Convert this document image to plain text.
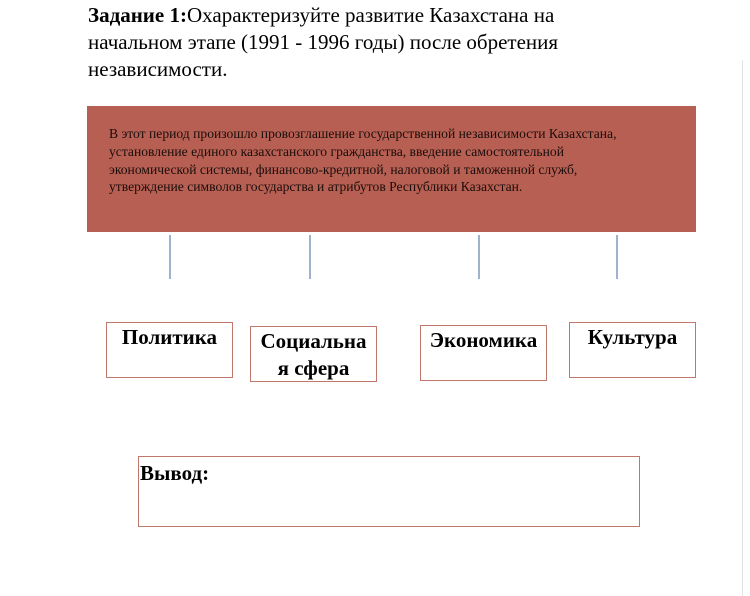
Задание 1:Охарактеризуйте развитие Казахстана на начальном этапе (1991 - 1996 годы) после обретения независимости.
В этот период произошло провозглашение государственной независимости Казахстана, установление единого казахстанского гражданства, введение самостоятельной экономической системы, финансово-кредитной, налоговой и таможенной служб, утверждение символов государства и атрибутов Республики Казахстан.
Политика	Социальна я сфера
Экономика	Культура
Вывод:
